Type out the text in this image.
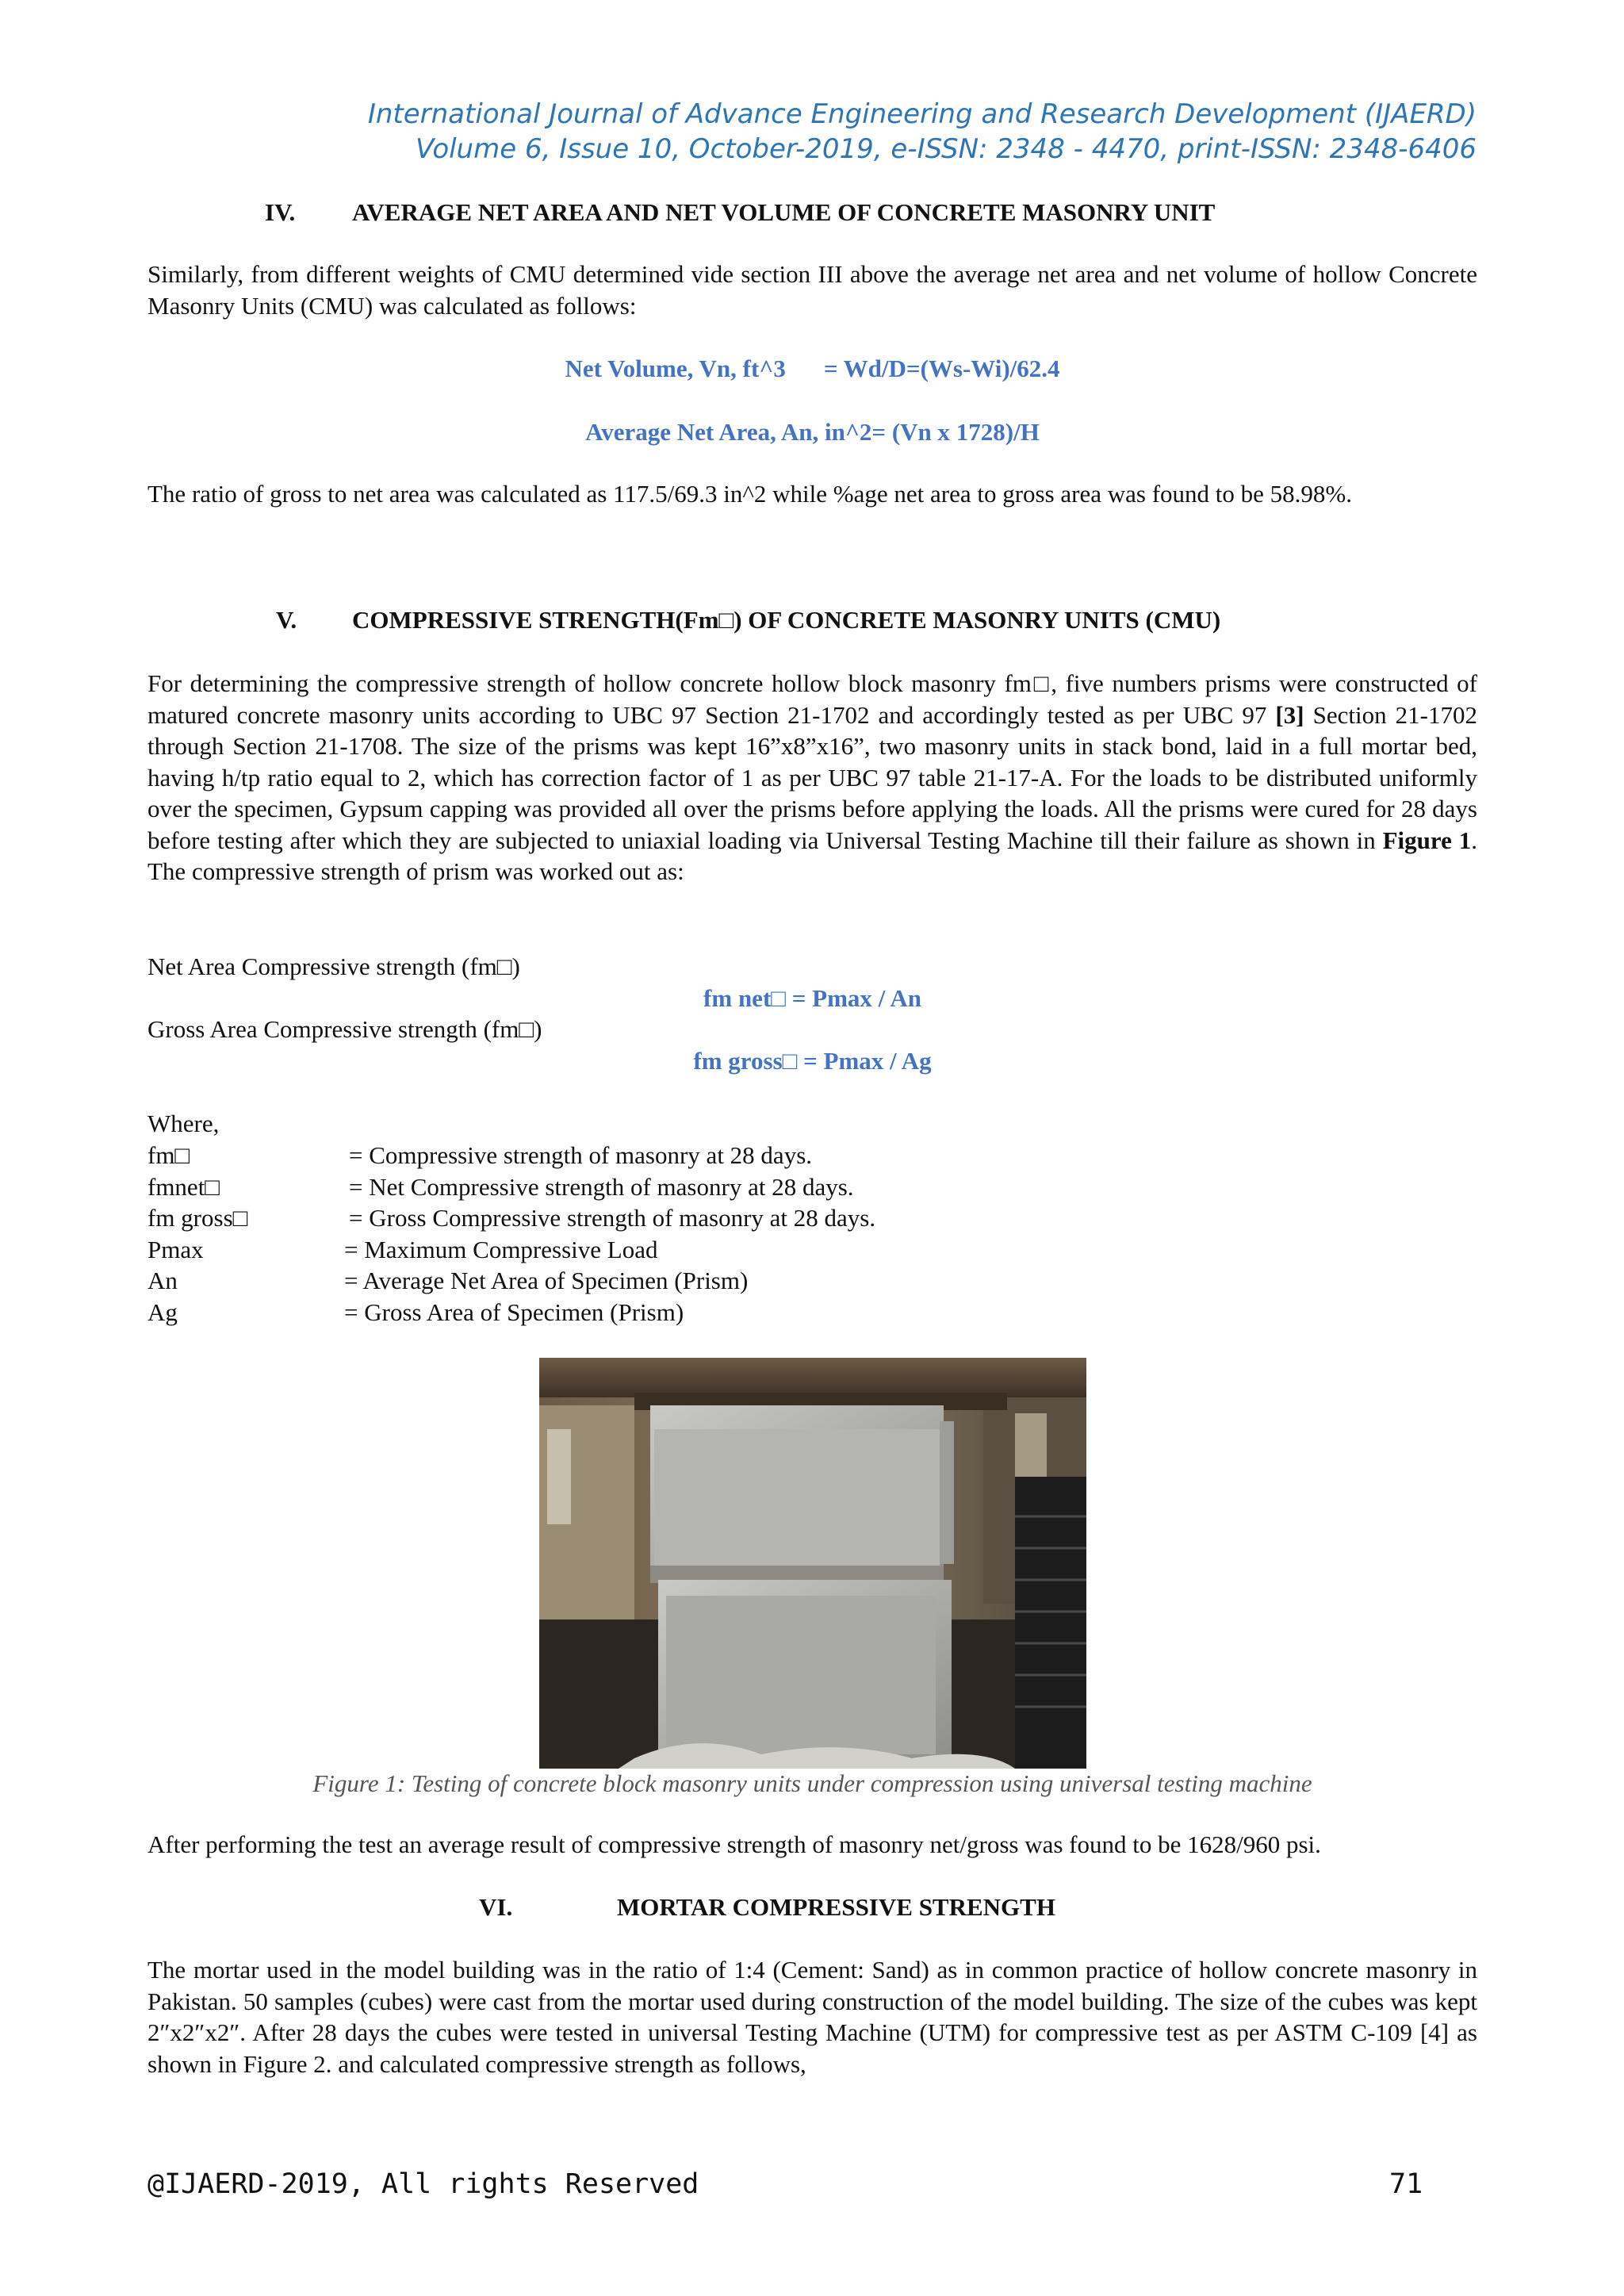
International Journal of Advance Engineering and Research Development (IJAERD)
Volume 6, Issue 10, October-2019, e-ISSN: 2348 - 4470, print-ISSN: 2348-6406
IV. AVERAGE NET AREA AND NET VOLUME OF CONCRETE MASONRY UNIT
Similarly, from different weights of CMU determined vide section III above the average net area and net volume of hollow Concrete Masonry Units (CMU) was calculated as follows:
Net Volume, Vn, ft^3 = Wd/D=(Ws-Wi)/62.4
Average Net Area, An, in^2= (Vn x 1728)/H
The ratio of gross to net area was calculated as 117.5/69.3 in^2 while %age net area to gross area was found to be 58.98%.
V. COMPRESSIVE STRENGTH(Fm□) OF CONCRETE MASONRY UNITS (CMU)
For determining the compressive strength of hollow concrete hollow block masonry fm□, five numbers prisms were constructed of matured concrete masonry units according to UBC 97 Section 21-1702 and accordingly tested as per UBC 97 [3] Section 21-1702 through Section 21-1708. The size of the prisms was kept 16”x8”x16”, two masonry units in stack bond, laid in a full mortar bed, having h/tp ratio equal to 2, which has correction factor of 1 as per UBC 97 table 21-17-A. For the loads to be distributed uniformly over the specimen, Gypsum capping was provided all over the prisms before applying the loads. All the prisms were cured for 28 days before testing after which they are subjected to uniaxial loading via Universal Testing Machine till their failure as shown in Figure 1. The compressive strength of prism was worked out as:
Net Area Compressive strength (fm□)
fm net□ = Pmax / An
Gross Area Compressive strength (fm□)
fm gross□ = Pmax / Ag
Where,
fm□	= Compressive strength of masonry at 28 days.
fmnet□	= Net Compressive strength of masonry at 28 days.
fm gross□	= Gross Compressive strength of masonry at 28 days.
Pmax	= Maximum Compressive Load
An	= Average Net Area of Specimen (Prism)
Ag	= Gross Area of Specimen (Prism)
Figure 1: Testing of concrete block masonry units under compression using universal testing machine
After performing the test an average result of compressive strength of masonry net/gross was found to be 1628/960 psi.
VI.	MORTAR COMPRESSIVE STRENGTH
The mortar used in the model building was in the ratio of 1:4 (Cement: Sand) as in common practice of hollow concrete masonry in Pakistan. 50 samples (cubes) were cast from the mortar used during construction of the model building. The size of the cubes was kept 2″x2″x2″. After 28 days the cubes were tested in universal Testing Machine (UTM) for compressive test as per ASTM C-109 [4] as shown in Figure 2. and calculated compressive strength as follows,
@IJAERD-2019, All rights Reserved	71
